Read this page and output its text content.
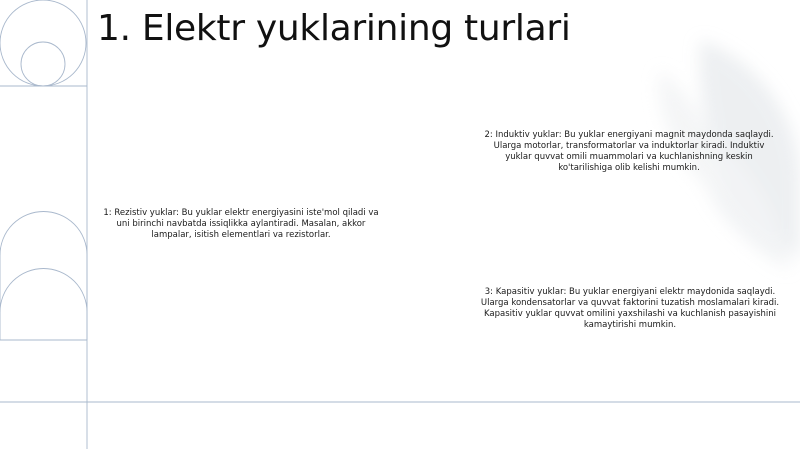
1. Elektr yuklarining turlari

1: Rezistiv yuklar: Bu yuklar elektr energiyasini iste'mol qiladi va uni birinchi navbatda issiqlikka aylantiradi. Masalan, akkor lampalar, isitish elementlari va rezistorlar.

2: Induktiv yuklar: Bu yuklar energiyani magnit maydonda saqlaydi. Ularga motorlar, transformatorlar va induktorlar kiradi. Induktiv yuklar quvvat omili muammolari va kuchlanishning keskin ko'tarilishiga olib kelishi mumkin.

3: Kapasitiv yuklar: Bu yuklar energiyani elektr maydonida saqlaydi. Ularga kondensatorlar va quvvat faktorini tuzatish moslamalari kiradi. Kapasitiv yuklar quvvat omilini yaxshilashi va kuchlanish pasayishini kamaytirishi mumkin.
